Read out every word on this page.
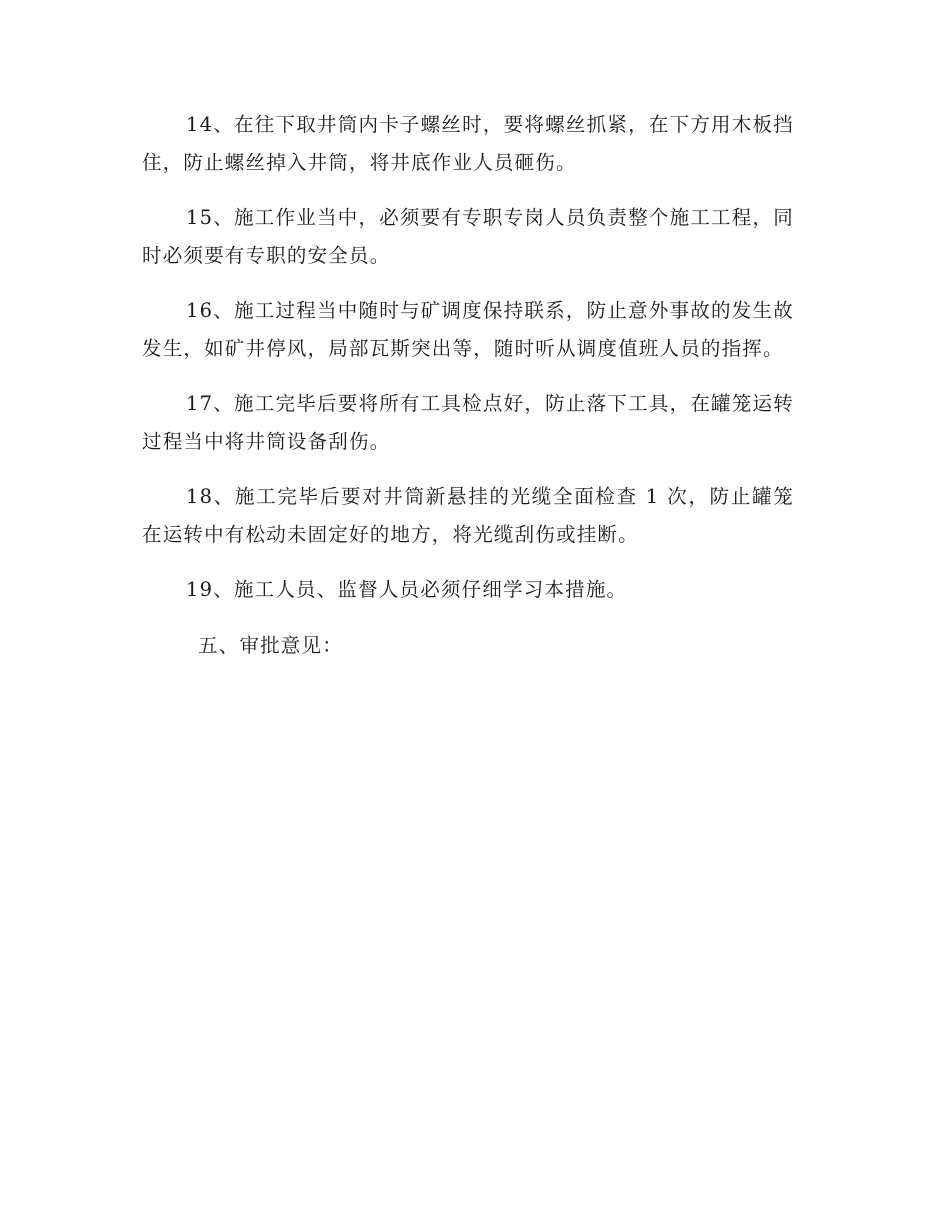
14、在往下取井筒内卡子螺丝时，要将螺丝抓紧，在下方用木板挡住，防止螺丝掉入井筒，将井底作业人员砸伤。

15、施工作业当中，必须要有专职专岗人员负责整个施工工程，同时必须要有专职的安全员。

16、施工过程当中随时与矿调度保持联系，防止意外事故的发生故发生，如矿井停风，局部瓦斯突出等，随时听从调度值班人员的指挥。

17、施工完毕后要将所有工具检点好，防止落下工具，在罐笼运转过程当中将井筒设备刮伤。

18、施工完毕后要对井筒新悬挂的光缆全面检查 1 次，防止罐笼在运转中有松动未固定好的地方，将光缆刮伤或挂断。

19、施工人员、监督人员必须仔细学习本措施。

五、审批意见：
